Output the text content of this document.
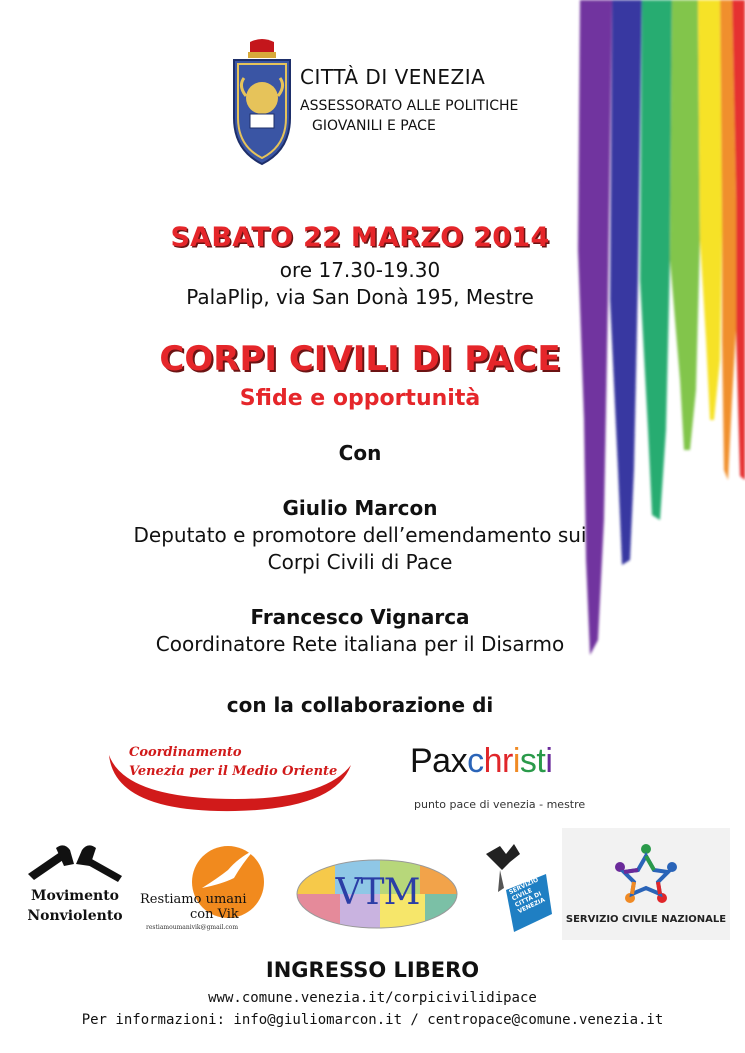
CITTÀ DI VENEZIA
ASSESSORATO ALLE POLITICHE
GIOVANILI E PACE
SABATO 22 MARZO 2014
ore 17.30-19.30
PalaPlip, via San Donà 195, Mestre
CORPI CIVILI DI PACE
Sfide e opportunità
Con
Giulio Marcon
Deputato e promotore dell’emendamento sui
Corpi Civili di Pace
Francesco Vignarca
Coordinatore Rete italiana per il Disarmo
con la collaborazione di
Coordinamento
Venezia per il Medio Oriente Paxchristi
punto pace di venezia - mestre
Movimento
Nonviolento
Restiamo umani
con Vik
restiamoumanivik@gmail.com
VTM	SERVIZIO CIVILE CITTÀ DI VENEZIA
SERVIZIO CIVILE NAZIONALE
INGRESSO LIBERO
www.comune.venezia.it/corpicivilidipace
Per informazioni: info@giuliomarcon.it / centropace@comune.venezia.it
